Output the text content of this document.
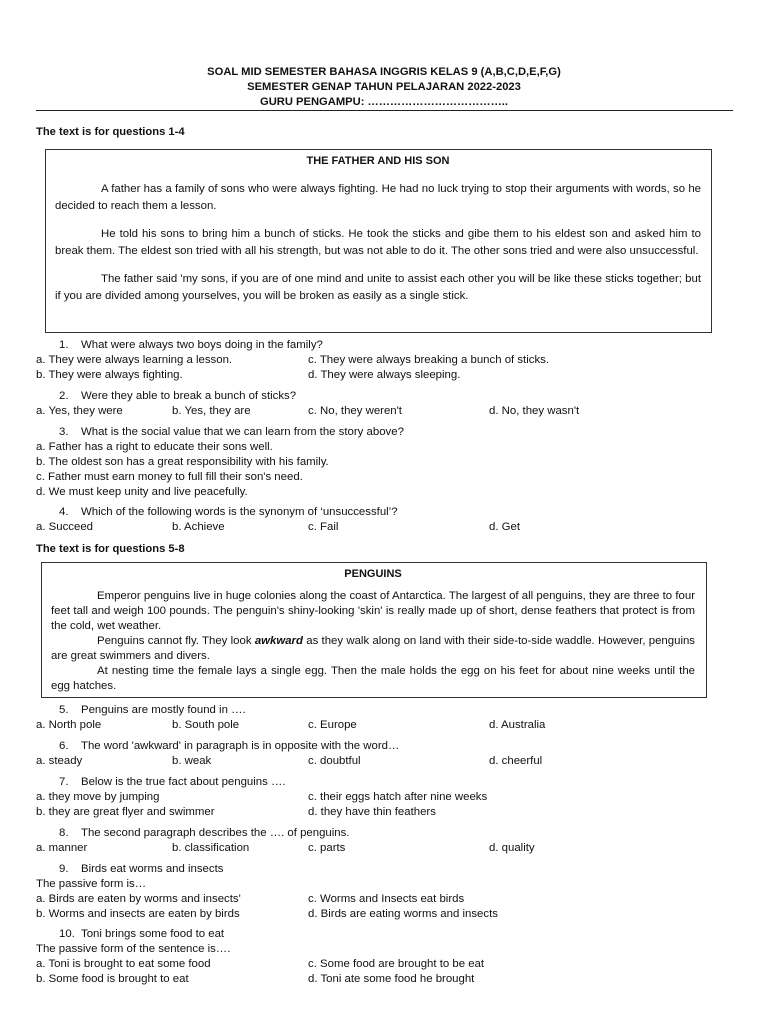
SOAL MID SEMESTER BAHASA INGGRIS KELAS 9 (A,B,C,D,E,F,G)
SEMESTER GENAP TAHUN PELAJARAN 2022-2023
GURU PENGAMPU: ………………………………..
The text is for questions 1-4
THE FATHER AND HIS SON

A father has a family of sons who were always fighting. He had no luck trying to stop their arguments with words, so he decided to reach them a lesson.

He told his sons to bring him a bunch of sticks. He took the sticks and gibe them to his eldest son and asked him to break them. The eldest son tried with all his strength, but was not able to do it. The other sons tried and were also unsuccessful.

The father said 'my sons, if you are of one mind and unite to assist each other you will be like these sticks together; but if you are divided among yourselves, you will be broken as easily as a single stick.

1. What were always two boys doing in the family?
a. They were always learning a lesson.	c. They were always breaking a bunch of sticks.
b. They were always fighting.	d. They were always sleeping.
2. Were they able to break a bunch of sticks?
a. Yes, they were	b. Yes, they are	c. No, they weren't	d. No, they wasn't
3. What is the social value that we can learn from the story above?
a. Father has a right to educate their sons well.
b. The oldest son has a great responsibility with his family.
c. Father must earn money to full fill their son's need.
d. We must keep unity and live peacefully.
4. Which of the following words is the synonym of ‘unsuccessful’?
a. Succeed	b. Achieve	c. Fail	d. Get
The text is for questions 5-8
PENGUINS

Emperor penguins live in huge colonies along the coast of Antarctica. The largest of all penguins, they are three to four feet tall and weigh 100 pounds. The penguin's shiny-looking 'skin' is really made up of short, dense feathers that protect is from the cold, wet weather.

Penguins cannot fly. They look awkward as they walk along on land with their side-to-side waddle. However, penguins are great swimmers and divers.

At nesting time the female lays a single egg. Then the male holds the egg on his feet for about nine weeks until the egg hatches.

5. Penguins are mostly found in ….
a. North pole	b. South pole	c. Europe	d. Australia
6. The word 'awkward' in paragraph is in opposite with the word…
a. steady	b. weak	c. doubtful	d. cheerful
7. Below is the true fact about penguins ….
a. they move by jumping	c. their eggs hatch after nine weeks
b. they are great flyer and swimmer	d. they have thin feathers
8. The second paragraph describes the …. of penguins.
a. manner	b. classification	c. parts	d. quality
9. Birds eat worms and insects
The passive form is…
a. Birds are eaten by worms and insects'	c. Worms and Insects eat birds
b. Worms and insects are eaten by birds	d. Birds are eating worms and insects
10. Toni brings some food to eat
The passive form of the sentence is….
a. Toni is brought to eat some food	c. Some food are brought to be eat
b. Some food is brought to eat	d. Toni ate some food he brought
